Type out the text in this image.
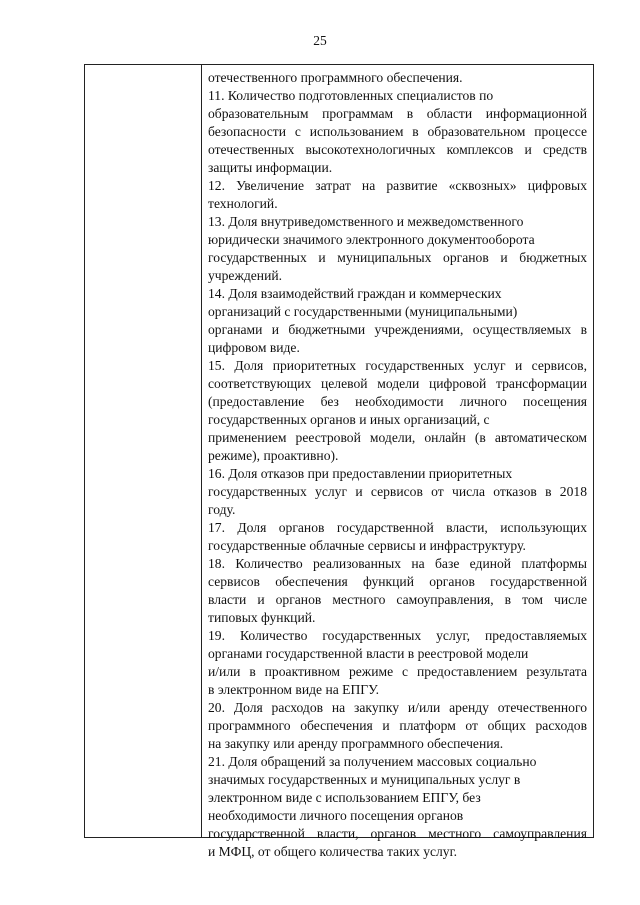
25
отечественного программного обеспечения.
11. Количество подготовленных специалистов по
образовательным программам в области информационной
безопасности с использованием в образовательном процессе
отечественных высокотехнологичных комплексов и средств
защиты информации.
12. Увеличение затрат на развитие «сквозных» цифровых
технологий.
13. Доля внутриведомственного и межведомственного
юридически значимого электронного документооборота
государственных и муниципальных органов и бюджетных
учреждений.
14. Доля взаимодействий граждан и коммерческих
организаций с государственными (муниципальными)
органами и бюджетными учреждениями, осуществляемых в
цифровом виде.
15. Доля приоритетных государственных услуг и сервисов,
соответствующих целевой модели цифровой трансформации
(предоставление без необходимости личного посещения
государственных органов и иных организаций, с
применением реестровой модели, онлайн (в автоматическом
режиме), проактивно).
16. Доля отказов при предоставлении приоритетных
государственных услуг и сервисов от числа отказов в 2018
году.
17. Доля органов государственной власти, использующих
государственные облачные сервисы и инфраструктуру.
18. Количество реализованных на базе единой платформы
сервисов обеспечения функций органов государственной
власти и органов местного самоуправления, в том числе
типовых функций.
19. Количество государственных услуг, предоставляемых
органами государственной власти в реестровой модели
и/или в проактивном режиме с предоставлением результата
в электронном виде на ЕПГУ.
20. Доля расходов на закупку и/или аренду отечественного
программного обеспечения и платформ от общих расходов
на закупку или аренду программного обеспечения.
21. Доля обращений за получением массовых социально
значимых государственных и муниципальных услуг в
электронном виде с использованием ЕПГУ, без
необходимости личного посещения органов
государственной власти, органов местного самоуправления
и МФЦ, от общего количества таких услуг.
